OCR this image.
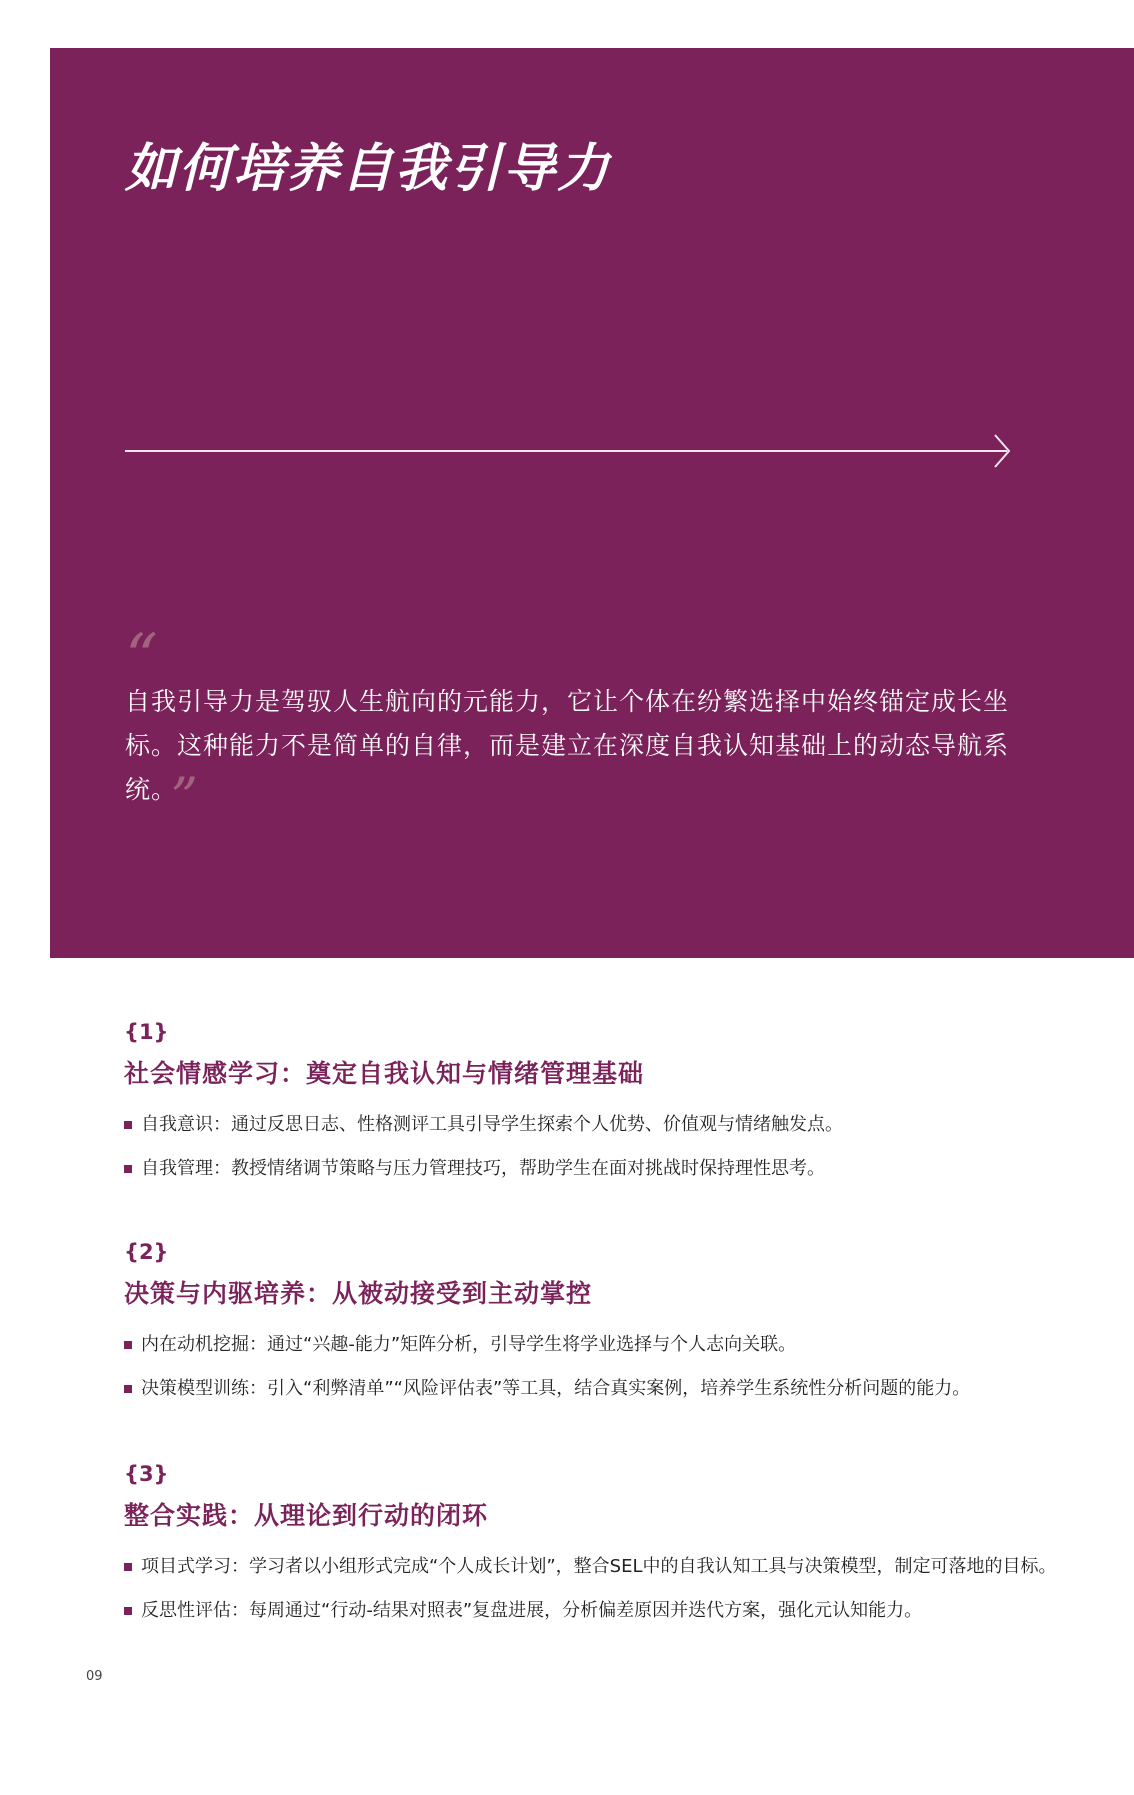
如何培养自我引导力
“

自我引导力是驾驭人生航向的元能力，它让个体在纷繁选择中始终锚定成长坐标。这种能力不是简单的自律，而是建立在深度自我认知基础上的动态导航系统。 ”

{1}
社会情感学习：奠定自我认知与情绪管理基础
自我意识：通过反思日志、性格测评工具引导学生探索个人优势、价值观与情绪触发点。
自我管理：教授情绪调节策略与压力管理技巧，帮助学生在面对挑战时保持理性思考。
{2}
决策与内驱培养：从被动接受到主动掌控
内在动机挖掘：通过“兴趣-能力”矩阵分析，引导学生将学业选择与个人志向关联。
决策模型训练：引入“利弊清单”“风险评估表”等工具，结合真实案例，培养学生系统性分析问题的能力。
{3}
整合实践：从理论到行动的闭环
项目式学习：学习者以小组形式完成“个人成长计划”，整合SEL中的自我认知工具与决策模型，制定可落地的目标。
反思性评估：每周通过“行动-结果对照表”复盘进展，分析偏差原因并迭代方案，强化元认知能力。
09
